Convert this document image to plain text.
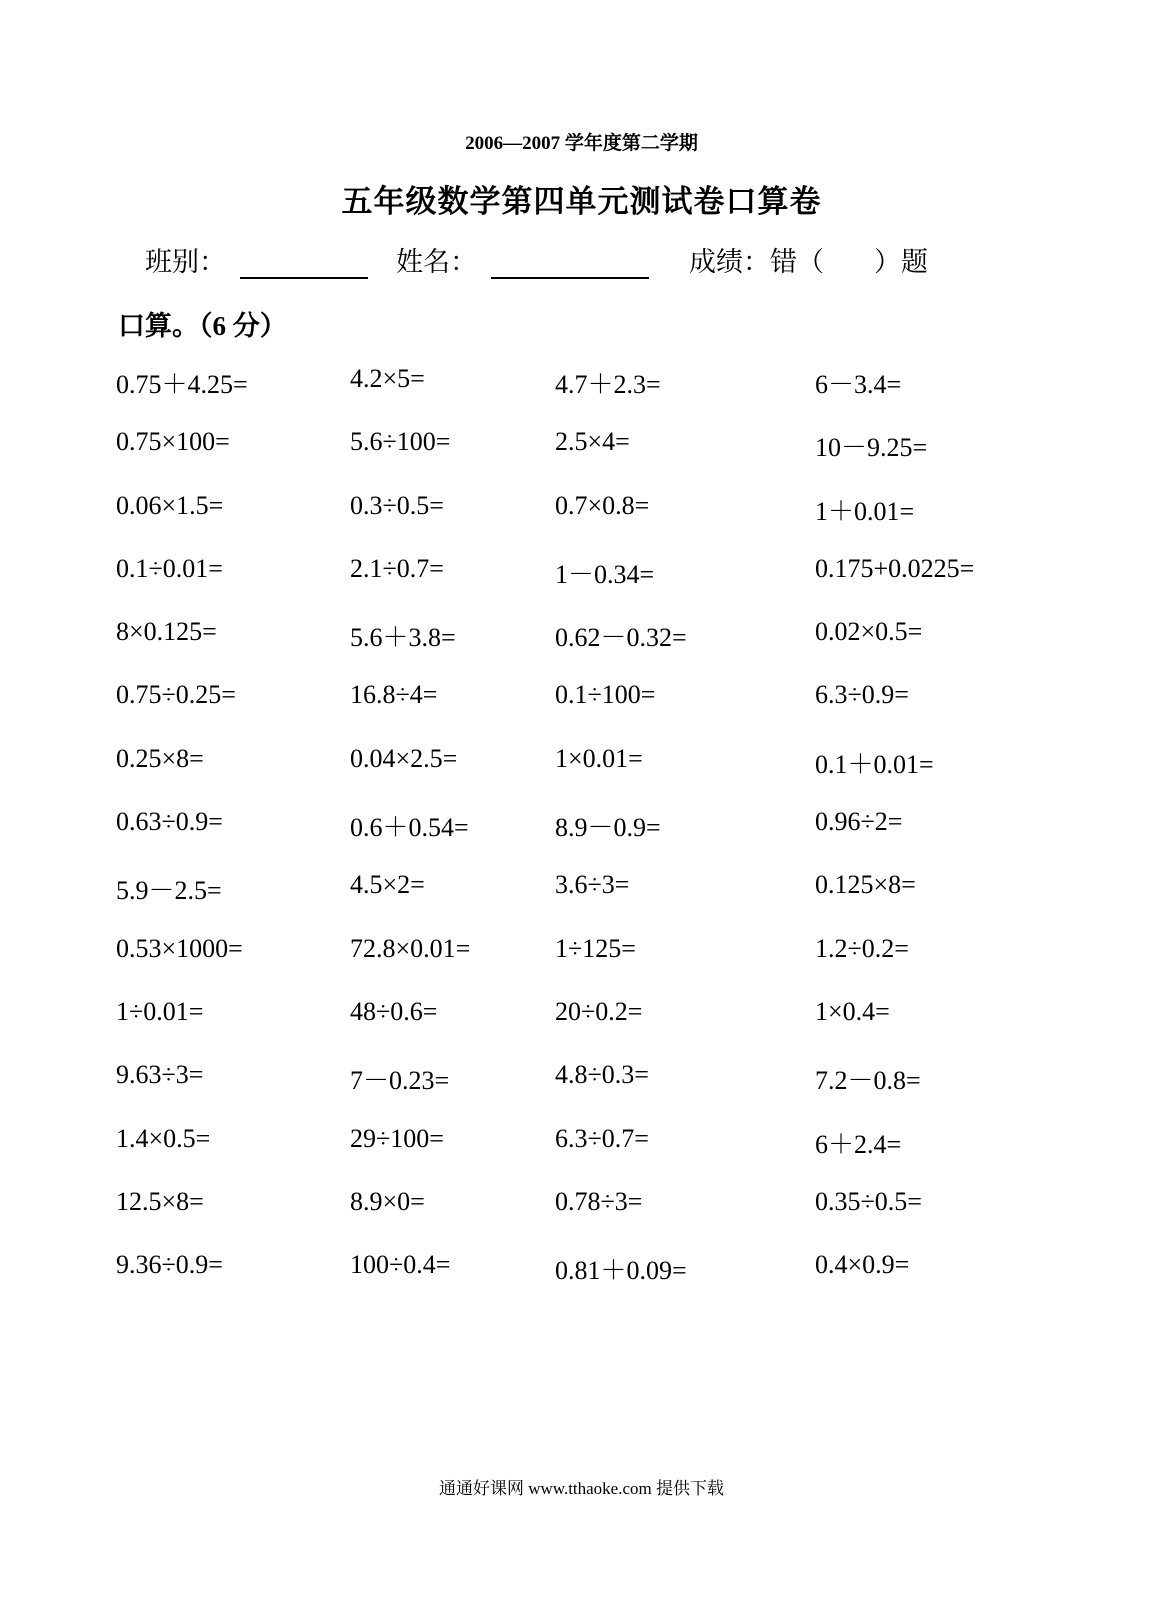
2006—2007 学年度第二学期
五年级数学第四单元测试卷口算卷
班别：	姓名：	成绩：错（ ）题
口算。（6 分）
0.75＋4.25=	4.2×5=	4.7＋2.3=	6－3.4=
0.75×100=	5.6÷100=	2.5×4=	10－9.25=
0.06×1.5=	0.3÷0.5=	0.7×0.8=	1＋0.01=
0.1÷0.01=	2.1÷0.7=	1－0.34=	0.175+0.0225=
8×0.125=	5.6＋3.8=	0.62－0.32=	0.02×0.5=
0.75÷0.25=	16.8÷4=	0.1÷100=	6.3÷0.9=
0.25×8=	0.04×2.5=	1×0.01=	0.1＋0.01=
0.63÷0.9=	0.6＋0.54=	8.9－0.9=	0.96÷2=
5.9－2.5=	4.5×2=	3.6÷3=	0.125×8=
0.53×1000=	72.8×0.01=	1÷125=	1.2÷0.2=
1÷0.01=	48÷0.6=	20÷0.2=	1×0.4=
9.63÷3=	7－0.23=	4.8÷0.3=	7.2－0.8=
1.4×0.5=	29÷100=	6.3÷0.7=	6＋2.4=
12.5×8=	8.9×0=	0.78÷3=	0.35÷0.5=
9.36÷0.9=	100÷0.4=	0.81＋0.09=	0.4×0.9=
通通好课网 www.tthaoke.com 提供下载
